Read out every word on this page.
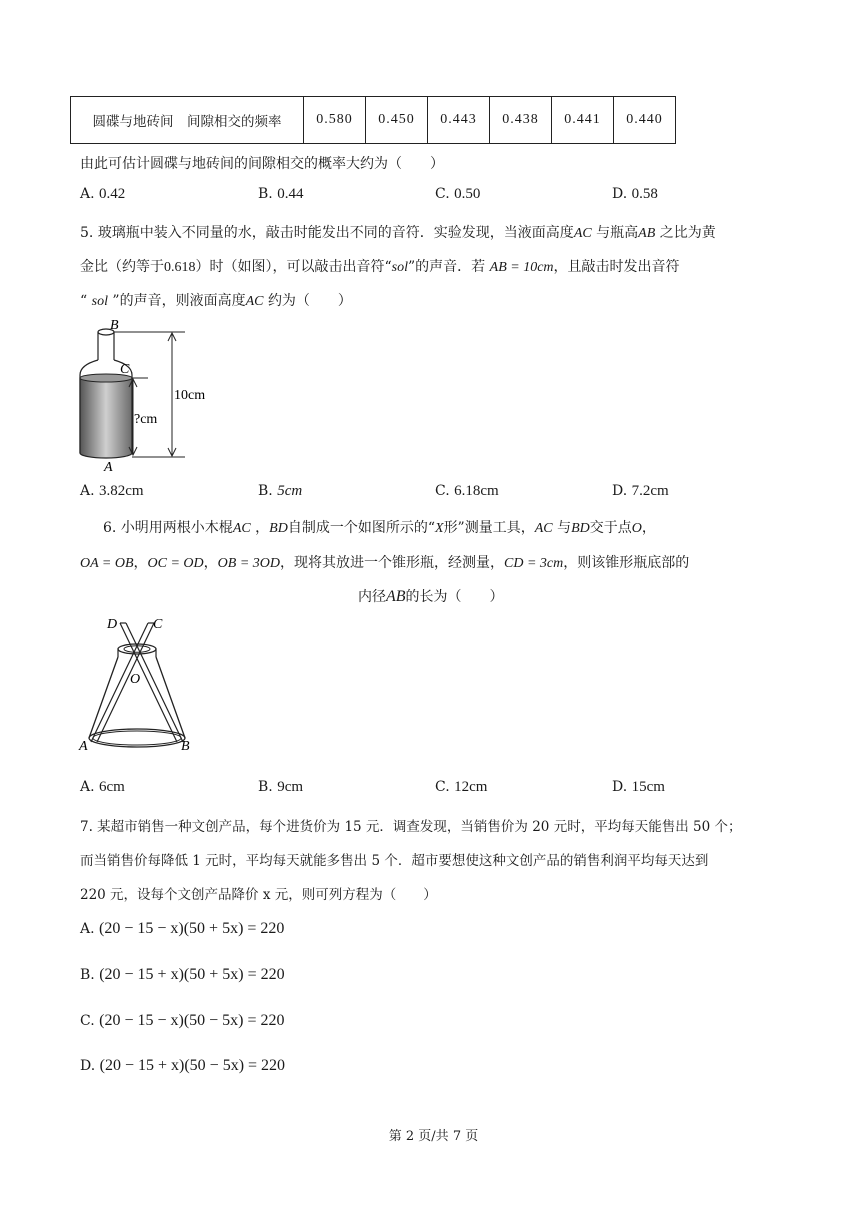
圆碟与地砖间　间隙相交的频率	0.580	0.450	0.443	0.438	0.441	0.440
由此可估计圆碟与地砖间的间隙相交的概率大约为（　　）
A. 0.42	B. 0.44	C. 0.50	D. 0.58
5. 玻璃瓶中装入不同量的水，敲击时能发出不同的音符．实验发现，当液面高度AC 与瓶高AB 之比为黄
金比（约等于0.618）时（如图），可以敲击出音符“sol”的声音．若 AB = 10cm，且敲击时发出音符
“ sol ”的声音，则液面高度AC 约为（　　）
B
C
A
10cm
?cm
A. 3.82cm	B. 5cm	C. 6.18cm	D. 7.2cm
6. 小明用两根小木棍AC ，BD自制成一个如图所示的“X形”测量工具，AC 与BD交于点O，
OA = OB，OC = OD，OB = 3OD，现将其放进一个锥形瓶，经测量，CD = 3cm，则该锥形瓶底部的
内径AB的长为（　　）
D	C
O
A	B
A. 6cm	B. 9cm	C. 12cm	D. 15cm
7. 某超市销售一种文创产品，每个进货价为 15 元．调查发现，当销售价为 20 元时，平均每天能售出 50 个；
而当销售价每降低 1 元时，平均每天就能多售出 5 个．超市要想使这种文创产品的销售利润平均每天达到
220 元，设每个文创产品降价 x 元，则可列方程为（　　）
A. (20 − 15 − x)(50 + 5x) = 220
B. (20 − 15 + x)(50 + 5x) = 220
C. (20 − 15 − x)(50 − 5x) = 220
D. (20 − 15 + x)(50 − 5x) = 220
第 2 页/共 7 页
